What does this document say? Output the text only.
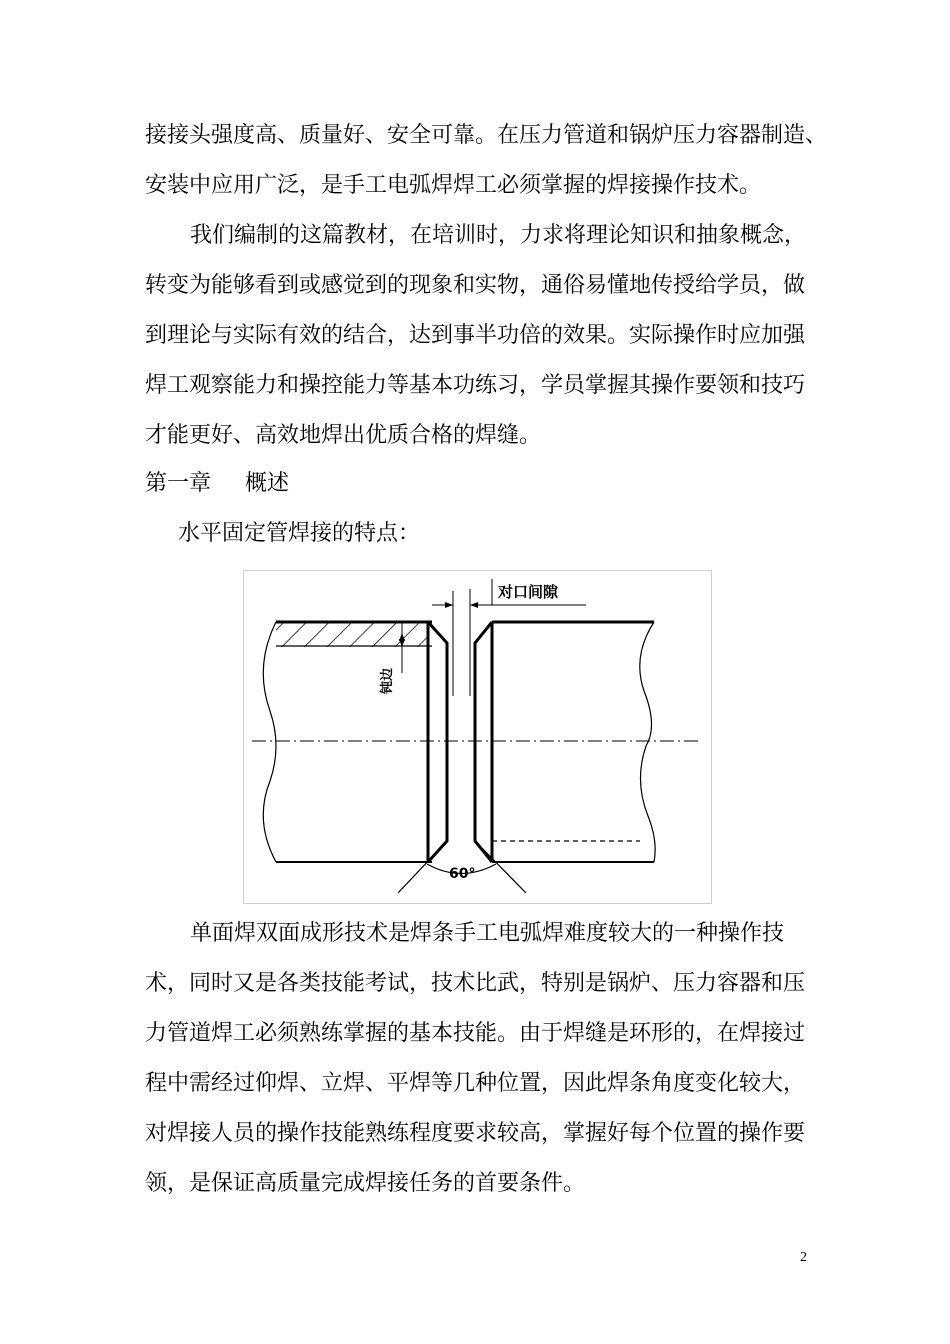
接接头强度高、质量好、安全可靠。在压力管道和锅炉压力容器制造、
安装中应用广泛，是手工电弧焊焊工必须掌握的焊接操作技术。
我们编制的这篇教材，在培训时，力求将理论知识和抽象概念，
转变为能够看到或感觉到的现象和实物，通俗易懂地传授给学员，做
到理论与实际有效的结合，达到事半功倍的效果。实际操作时应加强
焊工观察能力和操控能力等基本功练习，学员掌握其操作要领和技巧
才能更好、高效地焊出优质合格的焊缝。
第一章 概述
水平固定管焊接的特点：
对口间隙
钝边
60°
单面焊双面成形技术是焊条手工电弧焊难度较大的一种操作技
术，同时又是各类技能考试，技术比武，特别是锅炉、压力容器和压
力管道焊工必须熟练掌握的基本技能。由于焊缝是环形的，在焊接过
程中需经过仰焊、立焊、平焊等几种位置，因此焊条角度变化较大，
对焊接人员的操作技能熟练程度要求较高，掌握好每个位置的操作要
领，是保证高质量完成焊接任务的首要条件。
2
